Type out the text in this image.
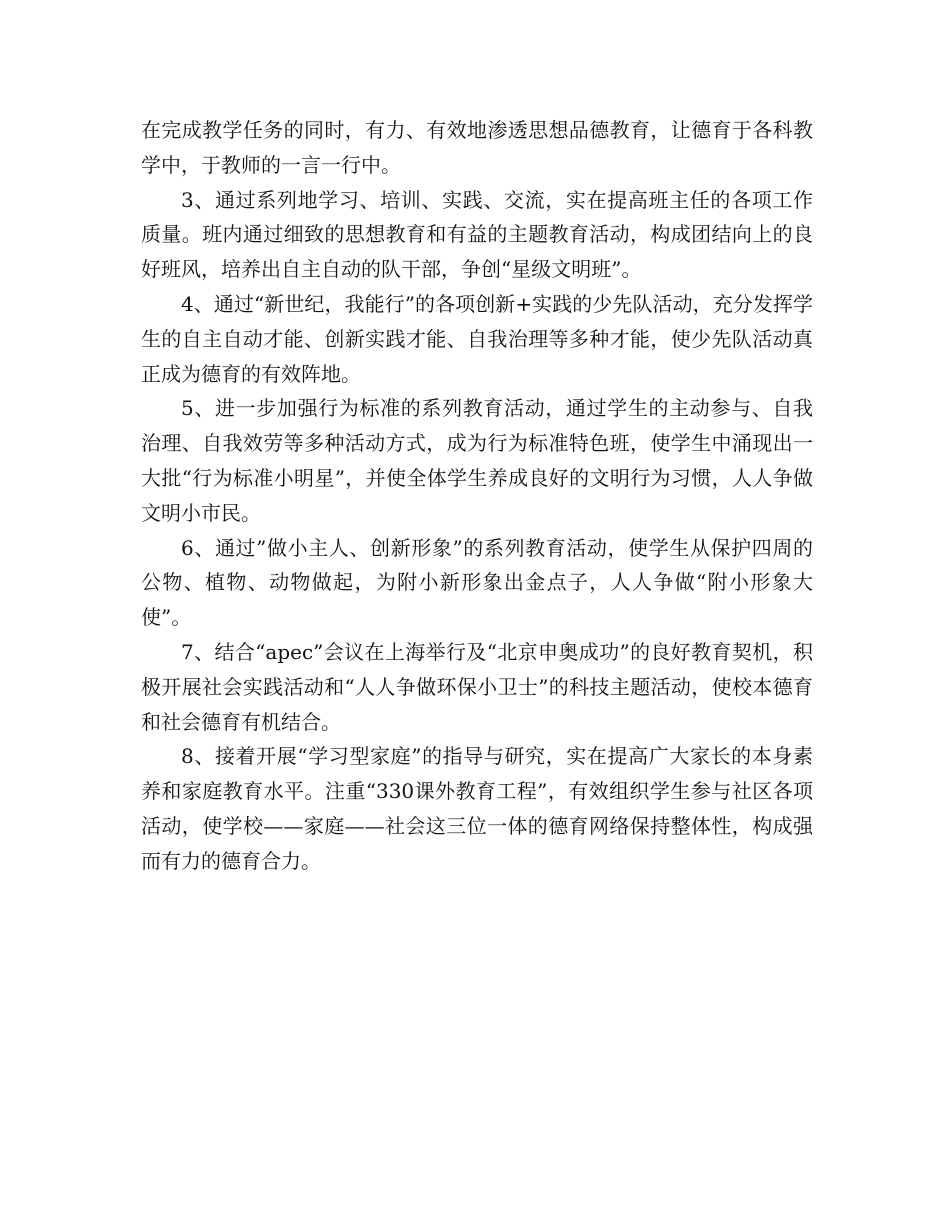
在完成教学任务的同时，有力、有效地渗透思想品德教育，让德育于各科教学中，于教师的一言一行中。

3、通过系列地学习、培训、实践、交流，实在提高班主任的各项工作质量。班内通过细致的思想教育和有益的主题教育活动，构成团结向上的良好班风，培养出自主自动的队干部，争创“星级文明班”。

4、通过“新世纪，我能行”的各项创新+实践的少先队活动，充分发挥学生的自主自动才能、创新实践才能、自我治理等多种才能，使少先队活动真正成为德育的有效阵地。

5、进一步加强行为标准的系列教育活动，通过学生的主动参与、自我治理、自我效劳等多种活动方式，成为行为标准特色班，使学生中涌现出一大批“行为标准小明星”，并使全体学生养成良好的文明行为习惯，人人争做文明小市民。

6、通过”做小主人、创新形象”的系列教育活动，使学生从保护四周的公物、植物、动物做起，为附小新形象出金点子，人人争做“附小形象大使”。

7、结合“apec”会议在上海举行及“北京申奥成功”的良好教育契机，积极开展社会实践活动和“人人争做环保小卫士”的科技主题活动，使校本德育和社会德育有机结合。

8、接着开展“学习型家庭”的指导与研究，实在提高广大家长的本身素养和家庭教育水平。注重“330课外教育工程”，有效组织学生参与社区各项活动，使学校——家庭——社会这三位一体的德育网络保持整体性，构成强而有力的德育合力。
